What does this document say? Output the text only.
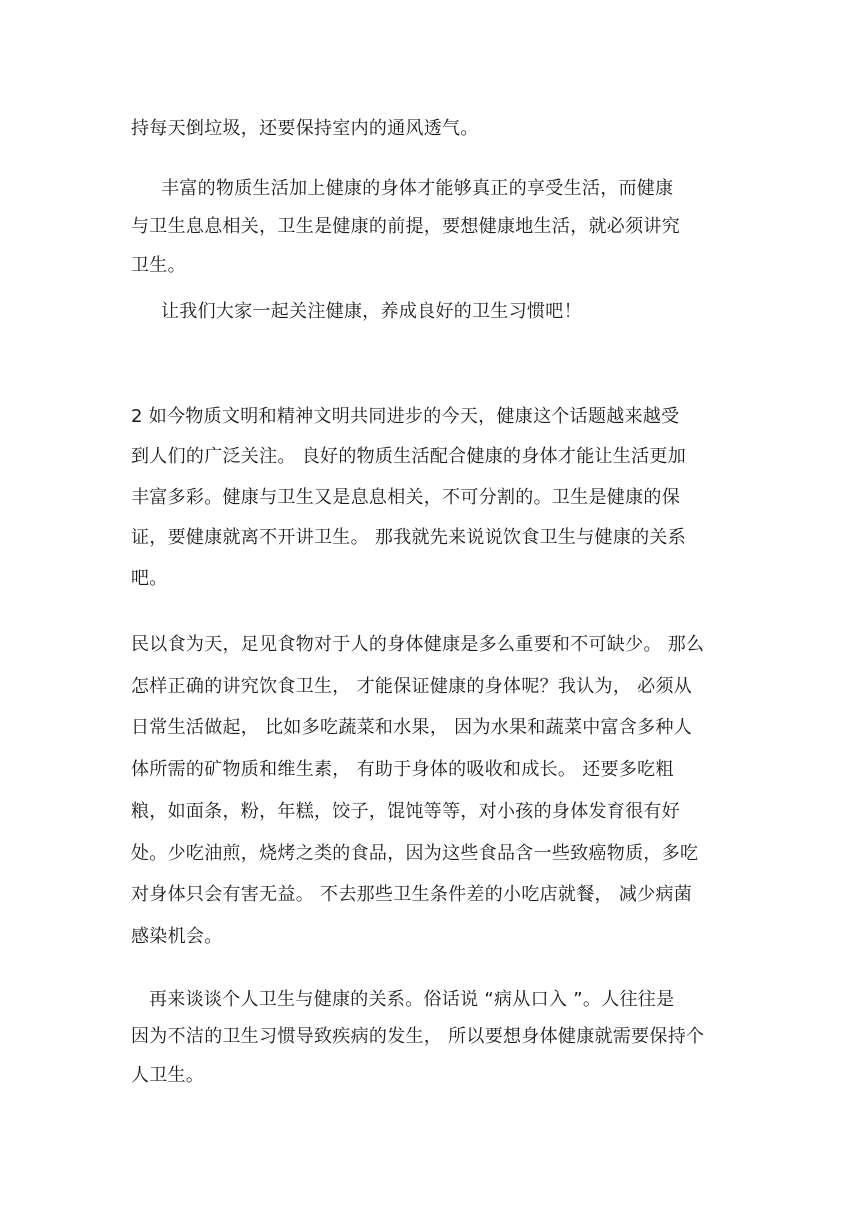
持每天倒垃圾，还要保持室内的通风透气。
丰富的物质生活加上健康的身体才能够真正的享受生活，而健康
与卫生息息相关，卫生是健康的前提，要想健康地生活，就必须讲究
卫生。
让我们大家一起关注健康，养成良好的卫生习惯吧！
2 如今物质文明和精神文明共同进步的今天，健康这个话题越来越受
到人们的广泛关注。 良好的物质生活配合健康的身体才能让生活更加
丰富多彩。健康与卫生又是息息相关，不可分割的。卫生是健康的保
证，要健康就离不开讲卫生。 那我就先来说说饮食卫生与健康的关系
吧。
民以食为天，足见食物对于人的身体健康是多么重要和不可缺少。 那么
怎样正确的讲究饮食卫生， 才能保证健康的身体呢？我认为， 必须从
日常生活做起， 比如多吃蔬菜和水果， 因为水果和蔬菜中富含多种人
体所需的矿物质和维生素， 有助于身体的吸收和成长。 还要多吃粗
粮，如面条，粉，年糕，饺子，馄饨等等，对小孩的身体发育很有好
处。少吃油煎，烧烤之类的食品，因为这些食品含一些致癌物质，多吃
对身体只会有害无益。 不去那些卫生条件差的小吃店就餐， 减少病菌
感染机会。
再来谈谈个人卫生与健康的关系。俗话说 “病从口入 ”。人往往是
因为不洁的卫生习惯导致疾病的发生， 所以要想身体健康就需要保持个
人卫生。
